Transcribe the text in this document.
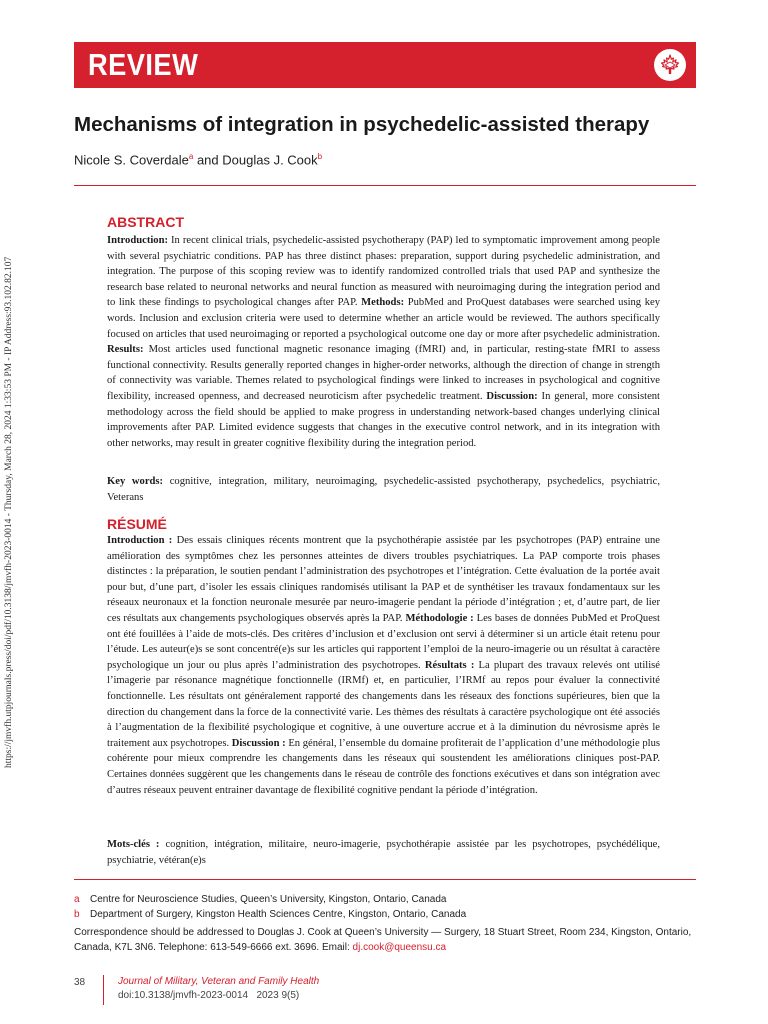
https://jmvfh.utpjournals.press/doi/pdf/10.3138/jmvfh-2023-0014 - Thursday, March 28, 2024 1:33:53 PM - IP Address:93.102.82.107
REVIEW
Mechanisms of integration in psychedelic-assisted therapy
Nicole S. Coverdale$^a$ and Douglas J. Cook$^b$
ABSTRACT
Introduction: In recent clinical trials, psychedelic-assisted psychotherapy (PAP) led to symptomatic improvement among people with several psychiatric conditions. PAP has three distinct phases: preparation, support during psychedelic administration, and integration. The purpose of this scoping review was to identify randomized controlled trials that used PAP and synthesize the research base related to neuronal networks and neural function as measured with neuroimaging during the integration period and to link these findings to psychological changes after PAP. Methods: PubMed and ProQuest databases were searched using key words. Inclusion and exclusion criteria were used to determine whether an article would be reviewed. The authors specifically focused on articles that used neuroimaging or reported a psychological outcome one day or more after psychedelic administration. Results: Most articles used functional magnetic resonance imaging (fMRI) and, in particular, resting-state fMRI to assess functional connectivity. Results generally reported changes in higher-order networks, although the direction of change in strength of connectivity was variable. Themes related to psychological findings were linked to increases in psychological and cognitive flexibility, increased openness, and decreased neuroticism after psychedelic treatment. Discussion: In general, more consistent methodology across the field should be applied to make progress in understanding network-based changes underlying clinical improvements after PAP. Limited evidence suggests that changes in the executive control network, and in its integration with other networks, may result in greater cognitive flexibility during the integration period.
Key words: cognitive, integration, military, neuroimaging, psychedelic-assisted psychotherapy, psychedelics, psychiatric, Veterans
RÉSUMÉ
Introduction : Des essais cliniques récents montrent que la psychothérapie assistée par les psychotropes (PAP) entraine une amélioration des symptômes chez les personnes atteintes de divers troubles psychiatriques. La PAP comporte trois phases distinctes : la préparation, le soutien pendant l’administration des psychotropes et l’intégration. Cette évaluation de la portée avait pour but, d’une part, d’isoler les essais cliniques randomisés utilisant la PAP et de synthétiser les travaux fondamentaux sur les réseaux neuronaux et la fonction neuronale mesurée par neuro-imagerie pendant la période d’intégration ; et, d’autre part, de lier ces résultats aux changements psychologiques observés après la PAP. Méthodologie : Les bases de données PubMed et ProQuest ont été fouillées à l’aide de mots-clés. Des critères d’inclusion et d’exclusion ont servi à déterminer si un article était retenu pour l’étude. Les auteur(e)s se sont concentré(e)s sur les articles qui rapportent l’emploi de la neuro-imagerie ou un résultat à caractère psychologique un jour ou plus après l’administration des psychotropes. Résultats : La plupart des travaux relevés ont utilisé l’imagerie par résonance magnétique fonctionnelle (IRMf) et, en particulier, l’IRMf au repos pour évaluer la connectivité fonctionnelle. Les résultats ont généralement rapporté des changements dans les réseaux des fonctions supérieures, bien que la direction du changement dans la force de la connectivité varie. Les thèmes des résultats à caractère psychologique ont été associés à l’augmentation de la flexibilité psychologique et cognitive, à une ouverture accrue et à la diminution du névrosisme après le traitement aux psychotropes. Discussion : En général, l’ensemble du domaine profiterait de l’application d’une méthodologie plus cohérente pour mieux comprendre les changements dans les réseaux qui soustendent les améliorations cliniques post-PAP. Certaines données suggèrent que les changements dans le réseau de contrôle des fonctions exécutives et dans son intégration avec d’autres réseaux peuvent entrainer davantage de flexibilité cognitive pendant la période d’intégration.
Mots-clés : cognition, intégration, militaire, neuro-imagerie, psychothérapie assistée par les psychotropes, psychédélique, psychiatrie, vétéran(e)s
a	Centre for Neuroscience Studies, Queen’s University, Kingston, Ontario, Canada
b	Department of Surgery, Kingston Health Sciences Centre, Kingston, Ontario, Canada
Correspondence should be addressed to Douglas J. Cook at Queen’s University — Surgery, 18 Stuart Street, Room 234, Kingston, Ontario, Canada, K7L 3N6. Telephone: 613-549-6666 ext. 3696. Email: dj.cook@queensu.ca
38	Journal of Military, Veteran and Family Health
doi:10.3138/jmvfh-2023-0014 2023 9(5)
